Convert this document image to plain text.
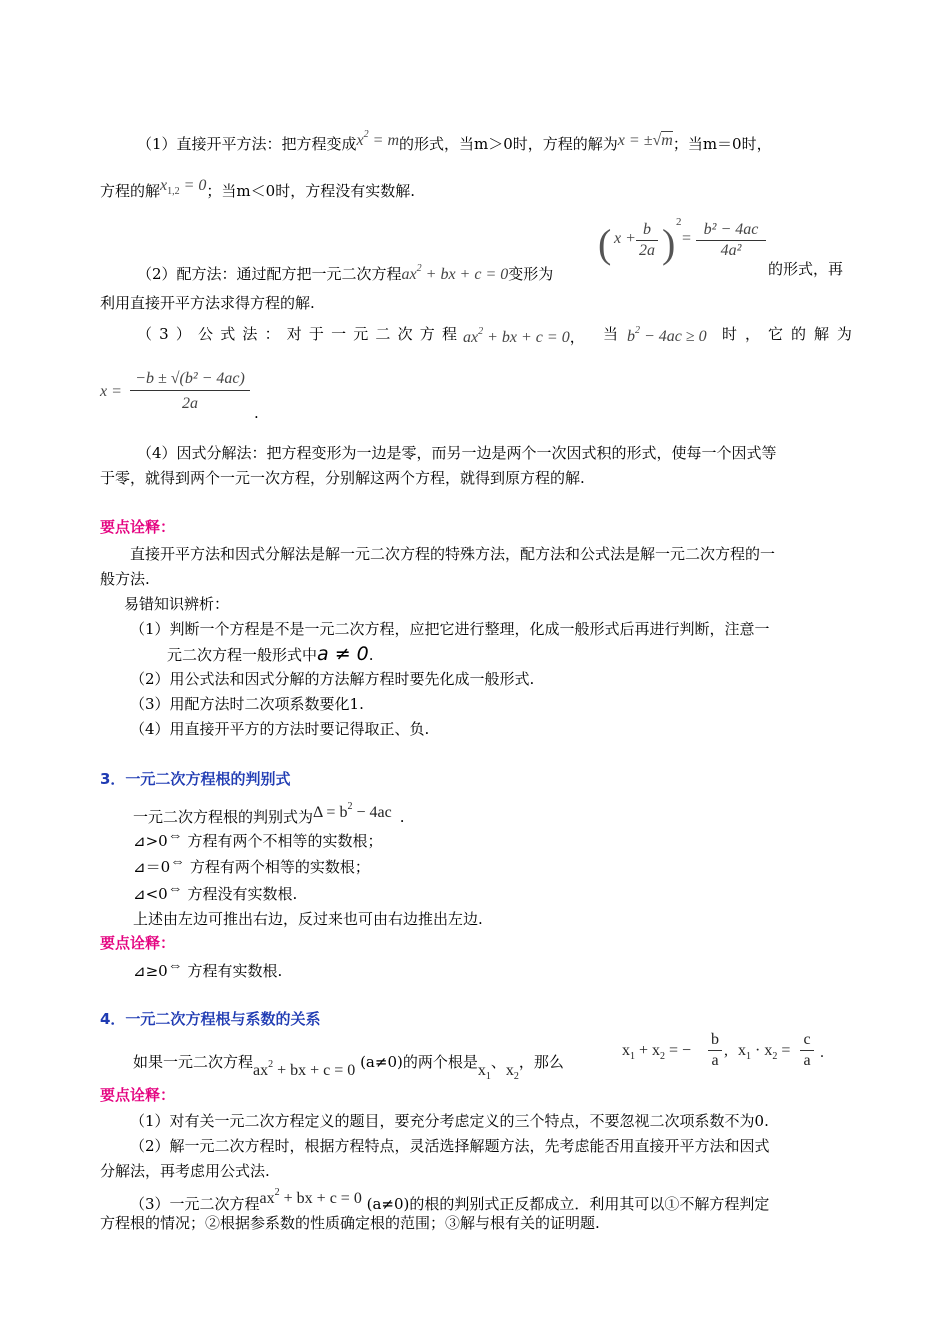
（1）直接开平方法：把方程变成$x^2 = m$的形式，当m＞0时，方程的解为x = ±√m；当m＝0时，
方程的解$x_{1,2} = 0$；当m＜0时，方程没有实数解.
（2）配方法：通过配方把一元二次方程$ax^2$ + bx + c = 0变形为
( $x + \frac{b}{2a}$ ) 2
= $\frac{\text{b² − 4ac}}{\text{4a²}}$
的形式，再
利用直接开平方法求得方程的解.
（ 3 ） 公 式 法 ： 对 于 一 元 二 次 方 程 $ax^2$ + bx + c = 0， 当 $b^2 - 4ac \ge 0$ 时 ， 它 的 解 为
$x = \frac{\text{−b ± √(b² − 4ac)}}{2a}$ .
（4）因式分解法：把方程变形为一边是零，而另一边是两个一次因式积的形式，使每一个因式等
于零，就得到两个一元一次方程，分别解这两个方程，就得到原方程的解.
要点诠释：
直接开平方法和因式分解法是解一元二次方程的特殊方法，配方法和公式法是解一元二次方程的一
般方法.
易错知识辨析：
（1）判断一个方程是不是一元二次方程，应把它进行整理，化成一般形式后再进行判断，注意一
元二次方程一般形式中a ≠ 0.
（2）用公式法和因式分解的方法解方程时要先化成一般形式.
（3）用配方法时二次项系数要化1.
（4）用直接开平方的方法时要记得取正、负.
3．一元二次方程根的判别式
一元二次方程根的判别式为$\Delta = b^2 - 4ac$ .
⊿>0⇔ 方程有两个不相等的实数根；
⊿＝0⇔ 方程有两个相等的实数根；
⊿<0⇔ 方程没有实数根.
上述由左边可推出右边，反过来也可由右边推出左边.
要点诠释：
⊿≥0⇔ 方程有实数根.
4．一元二次方程根与系数的关系
如果一元二次方程$ax^2$ + bx + c = 0 (a≠0)的两个根是$x_1$、$x_2$，那么
$x_1 + x_2$ = − $\frac{b}{a}$ , $x_1 \cdot x_2 = \frac{c}{a}$ .
要点诠释：
（1）对有关一元二次方程定义的题目，要充分考虑定义的三个特点，不要忽视二次项系数不为0.
（2）解一元二次方程时，根据方程特点，灵活选择解题方法，先考虑能否用直接开平方法和因式
分解法，再考虑用公式法.
（3）一元二次方程$ax^2$ + bx + c = 0 (a≠0)的根的判别式正反都成立．利用其可以①不解方程判定
方程根的情况；②根据参系数的性质确定根的范围；③解与根有关的证明题.
